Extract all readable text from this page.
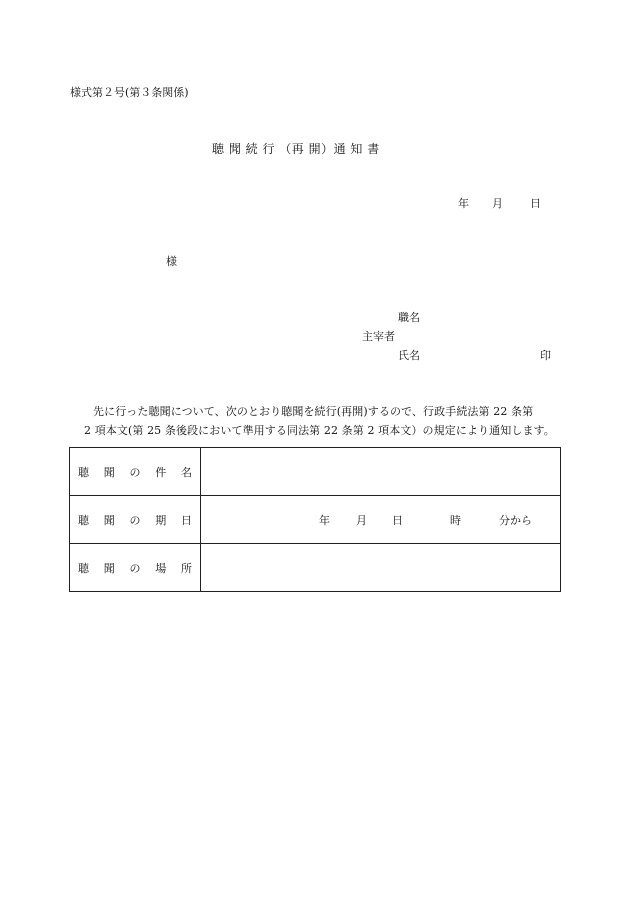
様式第２号(第３条関係)
聴 聞 続 行 （再 開）通 知 書
年 月 日
様
職名
主宰者
氏名	印
先に行った聴聞について、次のとおり聴聞を続行(再開)するので、行政手続法第 22 条第
2 項本文(第 25 条後段において準用する同法第 22 条第 2 項本文）の規定により通知します。
聴 聞 の 件 名	

聴 聞 の 期 日	年 月 日 時 分から

聴 聞 の 場 所	
